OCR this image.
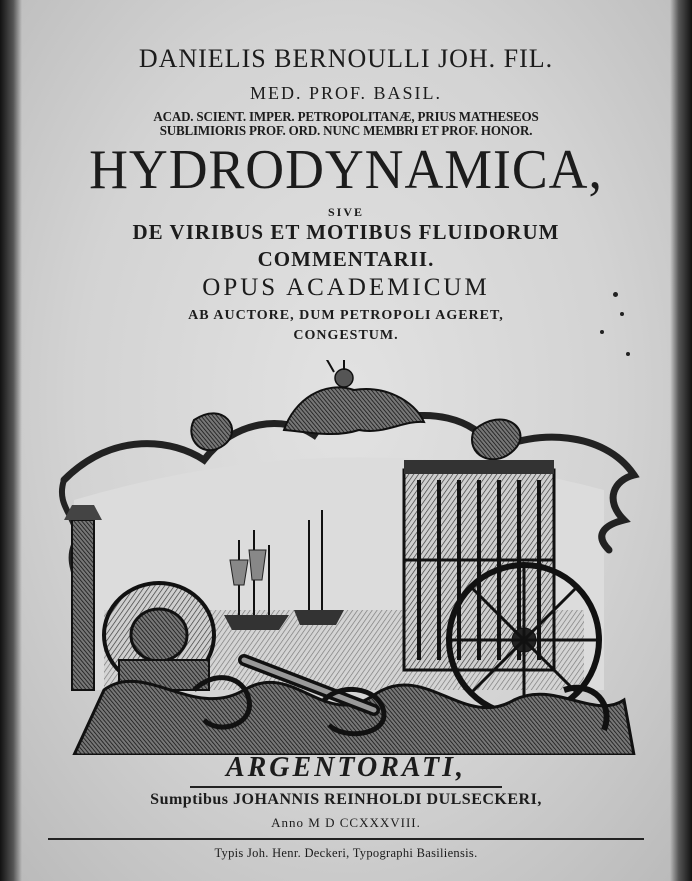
DANIELIS BERNOULLI JOH. FIL.
MED. PROF. BASIL.
ACAD. SCIENT. IMPER. PETROPOLITANÆ, PRIUS MATHESEOS
SUBLIMIORIS PROF. ORD. NUNC MEMBRI ET PROF. HONOR.
HYDRODYNAMICA,
SIVE
DE VIRIBUS ET MOTIBUS FLUIDORUM
COMMENTARII.
OPUS ACADEMICUM
AB AUCTORE, DUM PETROPOLI AGERET,
CONGESTUM.
ARGENTORATI,
Sumptibus JOHANNIS REINHOLDI DULSECKERI,
Anno M D CCXXXVIII.
Typis Joh. Henr. Deckeri, Typographi Basiliensis.
